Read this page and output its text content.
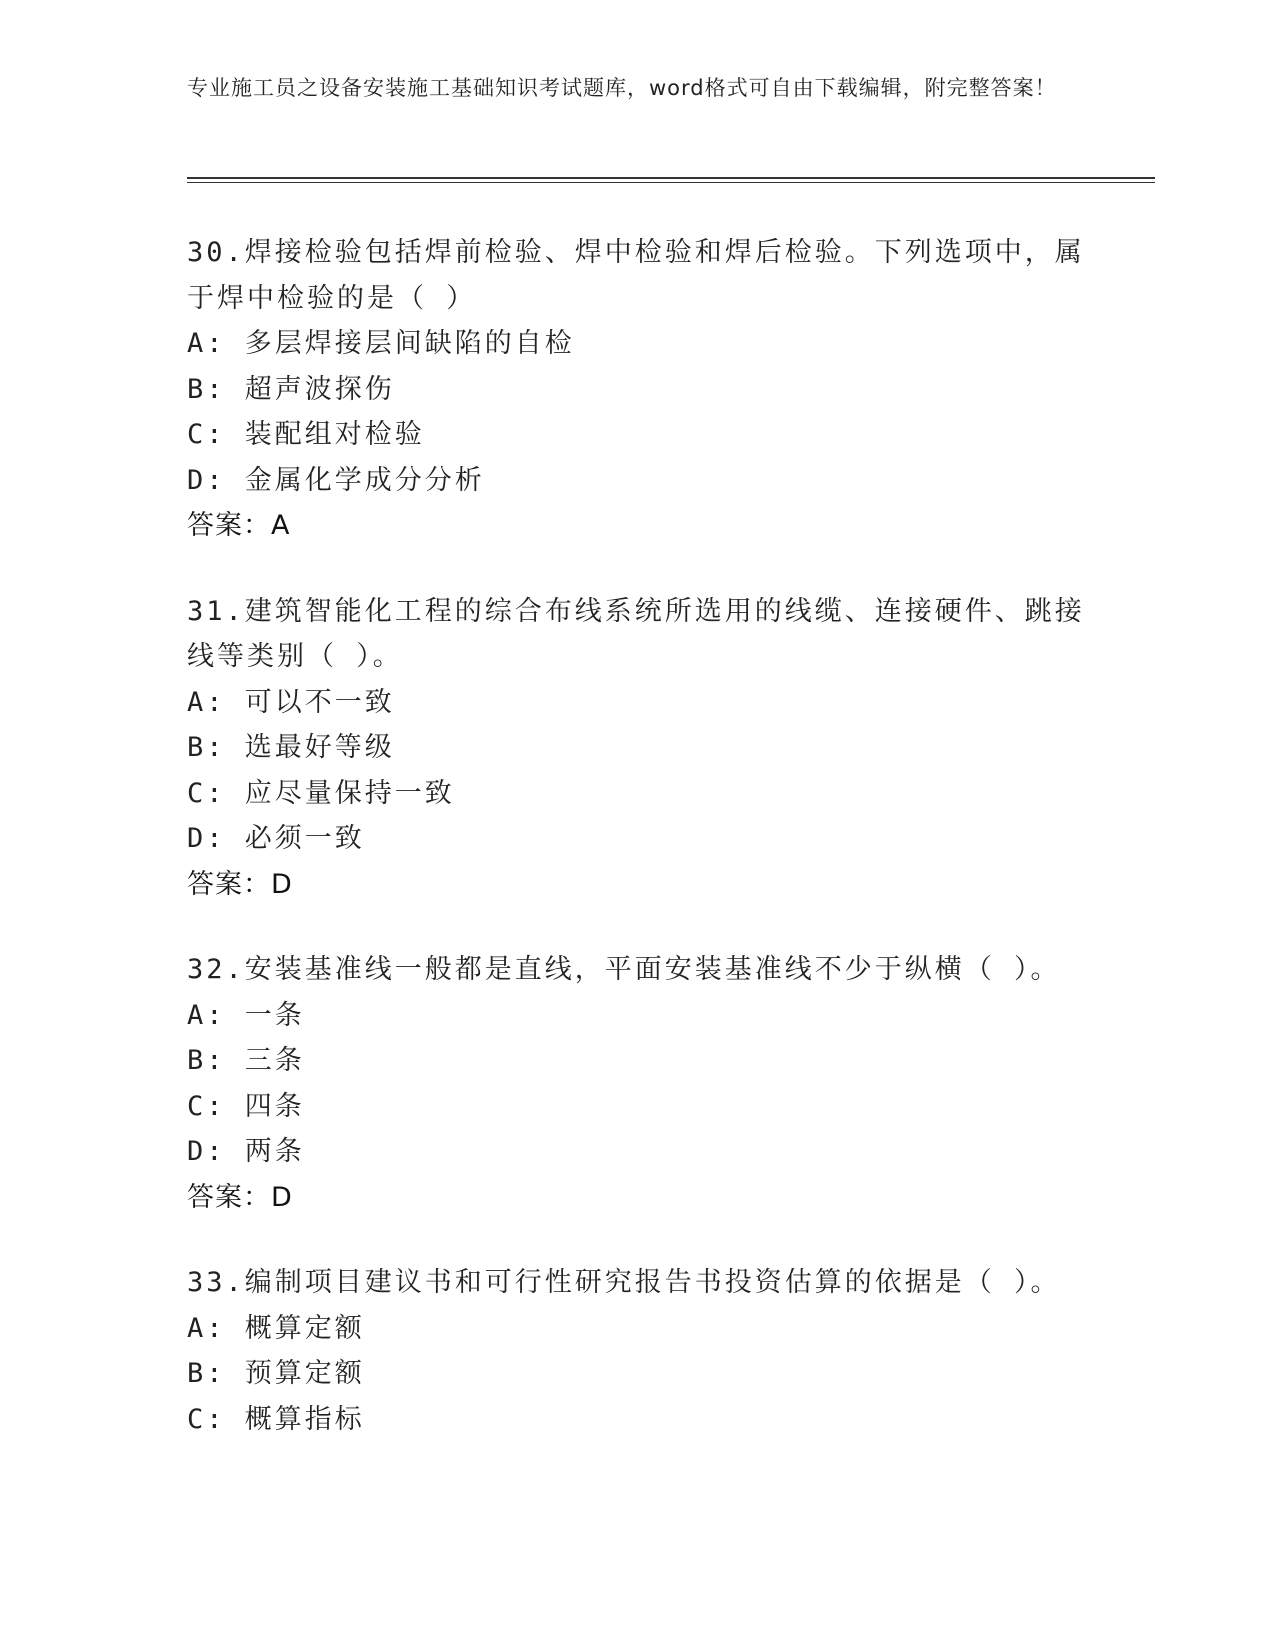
专业施工员之设备安装施工基础知识考试题库，word格式可自由下载编辑，附完整答案！
30.焊接检验包括焊前检验、焊中检验和焊后检验。下列选项中，属于焊中检验的是（ ）
A: 多层焊接层间缺陷的自检
B: 超声波探伤
C: 装配组对检验
D: 金属化学成分分析
答案：A
31.建筑智能化工程的综合布线系统所选用的线缆、连接硬件、跳接线等类别（ ）。
A: 可以不一致
B: 选最好等级
C: 应尽量保持一致
D: 必须一致
答案：D
32.安装基准线一般都是直线，平面安装基准线不少于纵横（ ）。
A: 一条
B: 三条
C: 四条
D: 两条
答案：D
33.编制项目建议书和可行性研究报告书投资估算的依据是（ ）。
A: 概算定额
B: 预算定额
C: 概算指标
